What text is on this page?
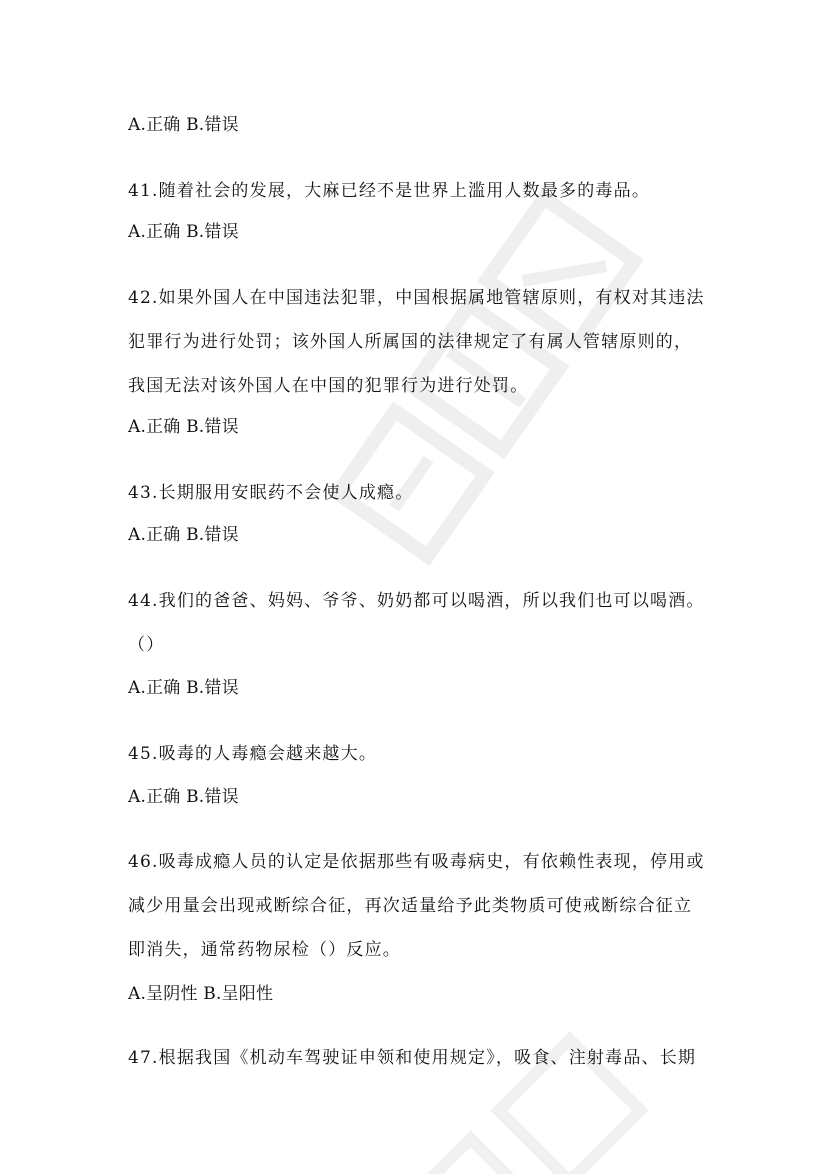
A.正确 B.错误
41.随着社会的发展，大麻已经不是世界上滥用人数最多的毒品。
A.正确 B.错误
42.如果外国人在中国违法犯罪，中国根据属地管辖原则，有权对其违法
犯罪行为进行处罚；该外国人所属国的法律规定了有属人管辖原则的，
我国无法对该外国人在中国的犯罪行为进行处罚。
A.正确 B.错误
43.长期服用安眠药不会使人成瘾。
A.正确 B.错误
44.我们的爸爸、妈妈、爷爷、奶奶都可以喝酒，所以我们也可以喝酒。
（）
A.正确 B.错误
45.吸毒的人毒瘾会越来越大。
A.正确 B.错误
46.吸毒成瘾人员的认定是依据那些有吸毒病史，有依赖性表现，停用或
减少用量会出现戒断综合征，再次适量给予此类物质可使戒断综合征立
即消失，通常药物尿检（）反应。
A.呈阴性 B.呈阳性
47.根据我国《机动车驾驶证申领和使用规定》，吸食、注射毒品、长期
